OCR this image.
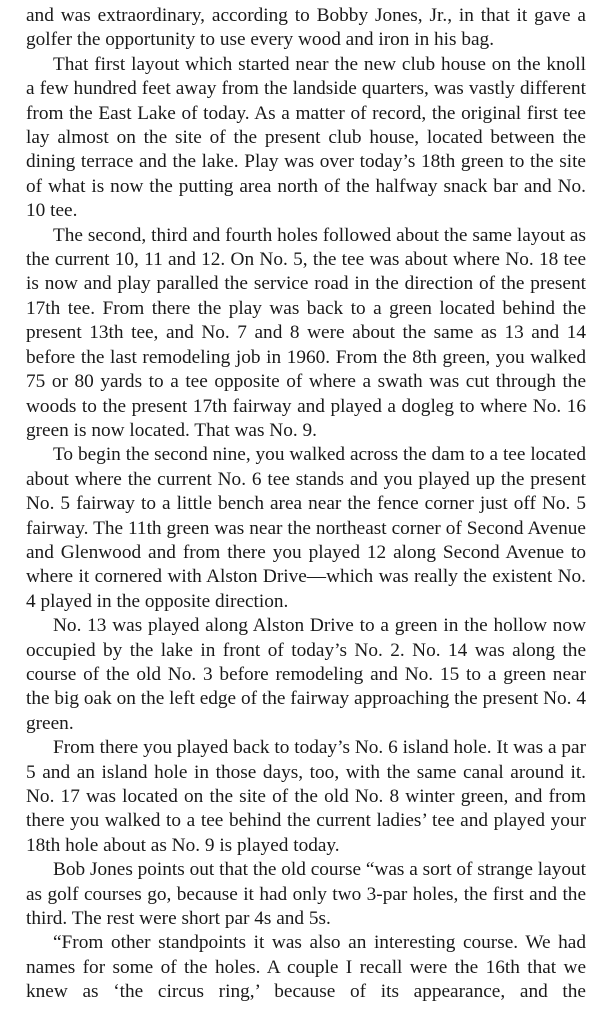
and was extraordinary, according to Bobby Jones, Jr., in that it gave a golfer the opportunity to use every wood and iron in his bag.

That first layout which started near the new club house on the knoll a few hundred feet away from the landside quarters, was vastly different from the East Lake of today. As a matter of record, the original first tee lay almost on the site of the present club house, located between the dining terrace and the lake. Play was over today’s 18th green to the site of what is now the putting area north of the halfway snack bar and No. 10 tee.

The second, third and fourth holes followed about the same layout as the current 10, 11 and 12. On No. 5, the tee was about where No. 18 tee is now and play paralled the service road in the direction of the present 17th tee. From there the play was back to a green located behind the present 13th tee, and No. 7 and 8 were about the same as 13 and 14 before the last remodeling job in 1960. From the 8th green, you walked 75 or 80 yards to a tee opposite of where a swath was cut through the woods to the present 17th fairway and played a dogleg to where No. 16 green is now located. That was No. 9.

To begin the second nine, you walked across the dam to a tee located about where the current No. 6 tee stands and you played up the present No. 5 fairway to a little bench area near the fence corner just off No. 5 fairway. The 11th green was near the northeast corner of Second Avenue and Glenwood and from there you played 12 along Second Avenue to where it cornered with Alston Drive—which was really the existent No. 4 played in the opposite direction.

No. 13 was played along Alston Drive to a green in the hollow now occupied by the lake in front of today’s No. 2. No. 14 was along the course of the old No. 3 before remodeling and No. 15 to a green near the big oak on the left edge of the fairway approaching the present No. 4 green.

From there you played back to today’s No. 6 island hole. It was a par 5 and an island hole in those days, too, with the same canal around it. No. 17 was located on the site of the old No. 8 winter green, and from there you walked to a tee behind the current ladies’ tee and played your 18th hole about as No. 9 is played today.

Bob Jones points out that the old course “was a sort of strange layout as golf courses go, because it had only two 3-par holes, the first and the third. The rest were short par 4s and 5s.

“From other standpoints it was also an interesting course. We had names for some of the holes. A couple I recall were the 16th that we knew as ‘the circus ring,’ because of its appearance, and the
